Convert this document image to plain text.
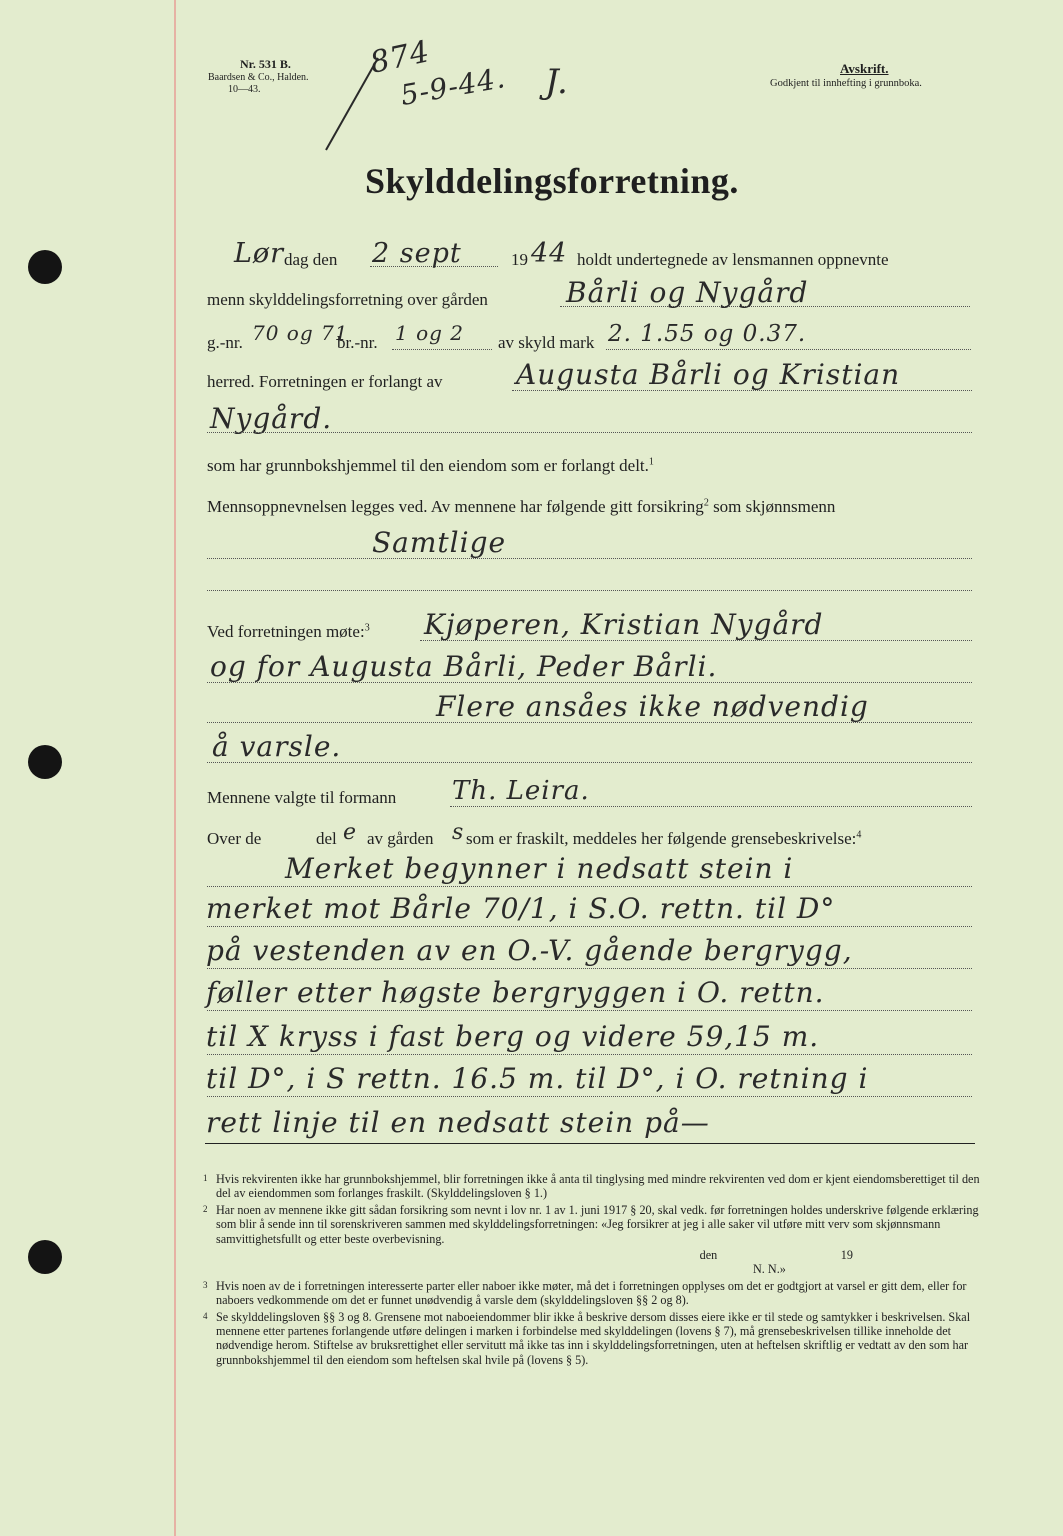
Nr. 531 B.
Baardsen & Co., Halden.
10—43.
874
5-9-44. J.	Avskrift.
Godkjent til innhefting i grunnboka.
Skylddelingsforretning.
Lør dag den 2 sept	19 44 holdt undertegnede av lensmannen oppnevnte
menn skylddelingsforretning over gården	Bårli og Nygård
g.-nr. 70 og 71
br.-nr. 1 og 2 av skyld mark 2. 1.55 og 0.37.
herred. Forretningen er forlangt av	Augusta Bårli og Kristian
Nygård.
som har grunnbokshjemmel til den eiendom som er forlangt delt.$^1$
Mennsoppnevnelsen legges ved. Av mennene har følgende gitt forsikring$^2$ som skjønnsmenn
Samtlige
Ved forretningen møte:$^3$ Kjøperen, Kristian Nygård
og for Augusta Bårli, Peder Bårli.
Flere ansåes ikke nødvendig
å varsle.
Mennene valgte til formann Th. Leira.
Over de	del e av gården s som er fraskilt, meddeles her følgende grensebeskrivelse:$^4$
Merket begynner i nedsatt stein i
merket mot Bårle 70/1, i S.O. rettn. til D°
på vestenden av en O.-V. gående bergrygg,
føller etter høgste bergryggen i O. rettn.
til X kryss i fast berg og videre 59,15 m.
til D°, i S rettn. 16.5 m. til D°, i O. retning i
rett linje til en nedsatt stein på—
1 Hvis rekvirenten ikke har grunnbokshjemmel, blir forretningen ikke å anta til tinglysing med mindre rekvirenten ved dom er kjent eiendomsberettiget til den del av eiendommen som forlanges fraskilt. (Skylddelingsloven § 1.)
2 Har noen av mennene ikke gitt sådan forsikring som nevnt i lov nr. 1 av 1. juni 1917 § 20, skal vedk. før forretningen holdes underskrive følgende erklæring som blir å sende inn til sorenskriveren sammen med skylddelingsforretningen: «Jeg forsikrer at jeg i alle saker vil utføre mitt verv som skjønnsmann samvittighetsfullt og etter beste overbevisning.
den	19
N. N.»
3 Hvis noen av de i forretningen interesserte parter eller naboer ikke møter, må det i forretningen opplyses om det er godtgjort at varsel er gitt dem, eller for naboers vedkommende om det er funnet unødvendig å varsle dem (skylddelingsloven §§ 2 og 8).
4 Se skylddelingsloven §§ 3 og 8. Grensene mot naboeiendommer blir ikke å beskrive dersom disses eiere ikke er til stede og samtykker i beskrivelsen. Skal mennene etter partenes forlangende utføre delingen i marken i forbindelse med skylddelingen (lovens § 7), må grensebeskrivelsen tillike inneholde det nødvendige herom. Stiftelse av bruksrettighet eller servitutt må ikke tas inn i skylddelingsforretningen, uten at heftelsen skriftlig er vedtatt av den som har grunnbokshjemmel til den eiendom som heftelsen skal hvile på (lovens § 5).
